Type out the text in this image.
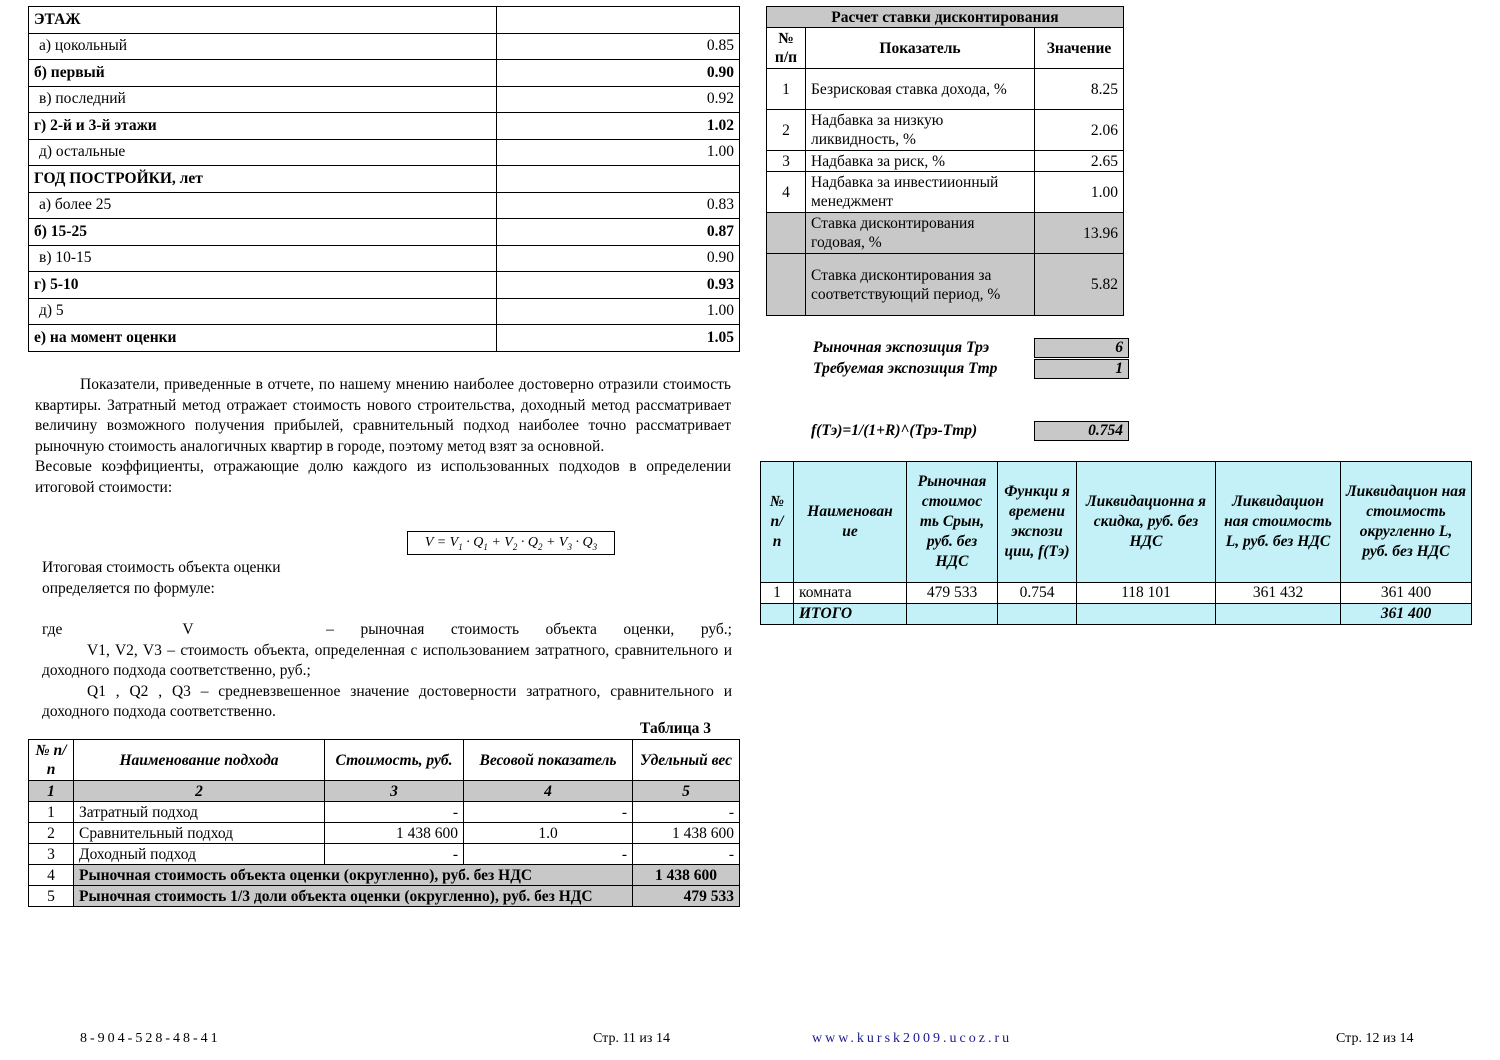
ЭТАЖ	
а) цокольный	0.85
б) первый	0.90
в) последний	0.92
г) 2-й и 3-й этажи	1.02
д) остальные	1.00
ГОД ПОСТРОЙКИ, лет	
а) более 25	0.83
б) 15-25	0.87
в) 10-15	0.90
г) 5-10	0.93
д) 5	1.00
е) на момент оценки	1.05

Показатели, приведенные в отчете, по нашему мнению наиболее достоверно отразили стоимость квартиры. Затратный метод отражает стоимость нового строительства, доходный метод рассматривает величину возможного получения прибылей, сравнительный подход наиболее точно рассматривает рыночную стоимость аналогичных квартир в городе, поэтому метод взят за основной.

Весовые коэффициенты, отражающие долю каждого из использованных подходов в определении итоговой стоимости:

$V = V_1 \cdot Q_1 + V_2 \cdot Q_2 + V_3 \cdot Q_3$
Итоговая стоимость объекта оценки
определяется по формуле:
где	V	– рыночная стоимость объекта оценки, руб.;

V1, V2, V3 – стоимость объекта, определенная с использованием затратного, сравнительного и доходного подхода соответственно, руб.;

Q1 , Q2 , Q3 – средневзвешенное значение достоверности затратного, сравнительного и доходного подхода соответственно.

Таблица 3
№ п/п	Наименование подхода	Стоимость, руб.	Весовой показатель	Удельный вес
1	2	3	4	5
1	Затратный подход	-	-	-
2	Сравнительный подход	1 438 600	1.0	1 438 600
3	Доходный подход	-	-	-
4	Рыночная стоимость объекта оценки (округленно), руб. без НДС			1 438 600
5	Рыночная стоимость 1/3 доли объекта оценки (округленно), руб. без НДС			479 533
Расчет ставки дисконтирования		
№ п/п	Показатель	Значение
1	Безрисковая ставка дохода, %	8.25
2	Надбавка за низкую ликвидность, %	2.06
3	Надбавка за риск, %	2.65
4	Надбавка за инвестиионный менеджмент	1.00
	Ставка дисконтирования годовая, %	13.96
	Ставка дисконтирования за соответствующий период, %	5.82
Рыночная экспозиция Трэ	6
Требуемая экспозиция Ттр	1
f(Тэ)=1/(1+R)^(Трэ-Ттр)	0.754
№ п/ п	Наименован ие	Рыночная стоимос ть Срын, руб. без НДС	Функци я времени экспози ции, f(Тэ)	Ликвидационна я скидка, руб. без НДС	Ликвидацион ная стоимость L, руб. без НДС	Ликвидацион ная стоимость округленно L, руб. без НДС
1	комната	479 533	0.754	118 101	361 432	361 400
	ИТОГО					361 400
8-904-528-48-41	Стр. 11 из 14	www.kursk2009.ucoz.ru	Стр. 12 из 14
